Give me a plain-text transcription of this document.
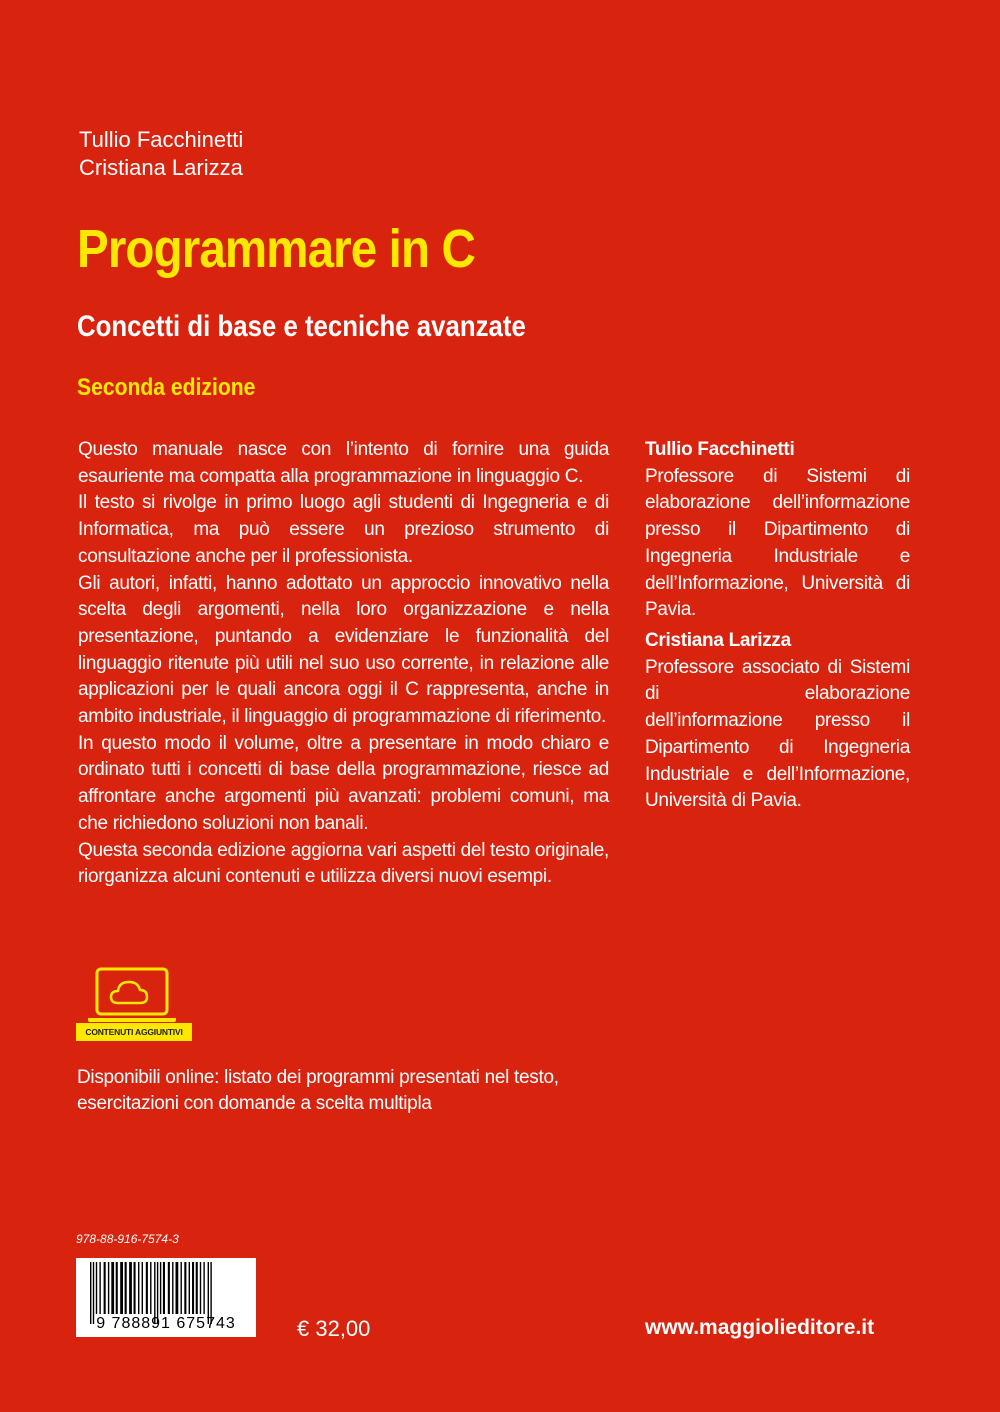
Tullio Facchinetti
Cristiana Larizza
Programmare in C
Concetti di base e tecniche avanzate
Seconda edizione

Questo manuale nasce con l’intento di fornire una guida esauriente ma compatta alla programmazione in linguaggio C.

Il testo si rivolge in primo luogo agli studenti di Ingegneria e di Informatica, ma può essere un prezioso strumento di consultazione anche per il professionista.

Gli autori, infatti, hanno adottato un approccio innovativo nella scelta degli argomenti, nella loro organizzazione e nella presentazione, puntando a evidenziare le funzionalità del linguaggio ritenute più utili nel suo uso corrente, in relazione alle applicazioni per le quali ancora oggi il C rappresenta, anche in ambito industriale, il linguaggio di programmazione di riferimento.

In questo modo il volume, oltre a presentare in modo chiaro e ordinato tutti i concetti di base della programmazione, riesce ad affrontare anche argomenti più avanzati: problemi comuni, ma che richiedono soluzioni non banali.

Questa seconda edizione aggiorna vari aspetti del testo originale, riorganizza alcuni contenuti e utilizza diversi nuovi esempi.

Tullio Facchinetti
Professore di Sistemi di elaborazione dell’informazione presso il Dipartimento di Ingegneria Industriale e dell’Informazione, Università di Pavia.
Cristiana Larizza
Professore associato di Sistemi di elaborazione dell’informazione presso il Dipartimento di Ingegneria Industriale e dell’Informazione, Università di Pavia.
CONTENUTI AGGIUNTIVI
Disponibili online: listato dei programmi presentati nel testo,
esercitazioni con domande a scelta multipla
978-88-916-7574-3
9 788891 675743	€ 32,00	www.maggiolieditore.it
